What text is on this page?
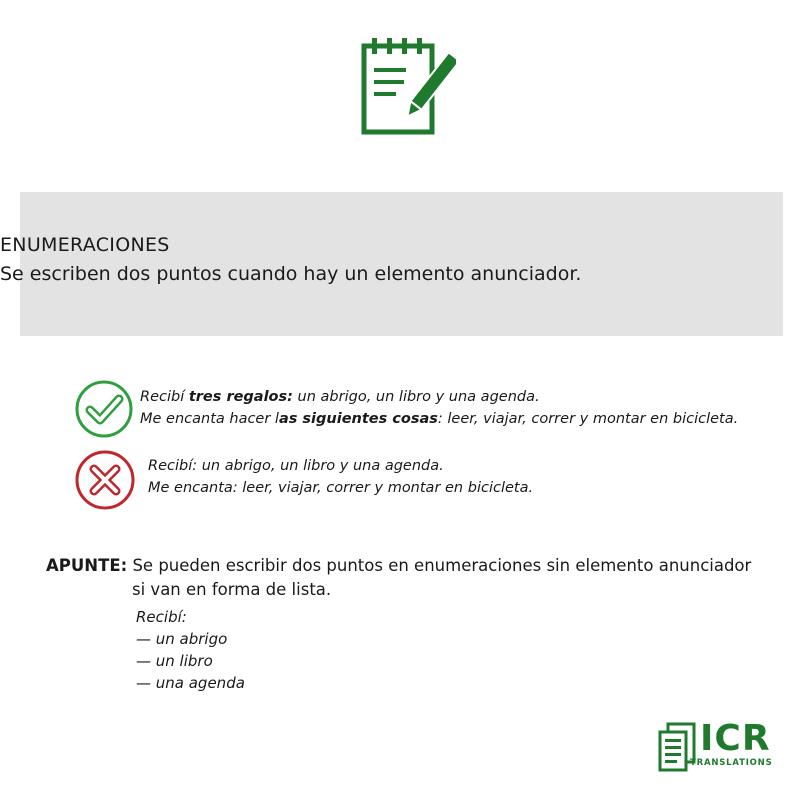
ENUMERACIONES
Se escriben dos puntos cuando hay un elemento anunciador.
Recibí tres regalos: un abrigo, un libro y una agenda.
Me encanta hacer las siguientes cosas: leer, viajar, correr y montar en bicicleta.
Recibí: un abrigo, un libro y una agenda.
Me encanta: leer, viajar, correr y montar en bicicleta.
APUNTE: Se pueden escribir dos puntos en enumeraciones sin elemento anunciador
si van en forma de lista.
Recibí:
— un abrigo
— un libro
— una agenda
ICR
TRANSLATIONS
